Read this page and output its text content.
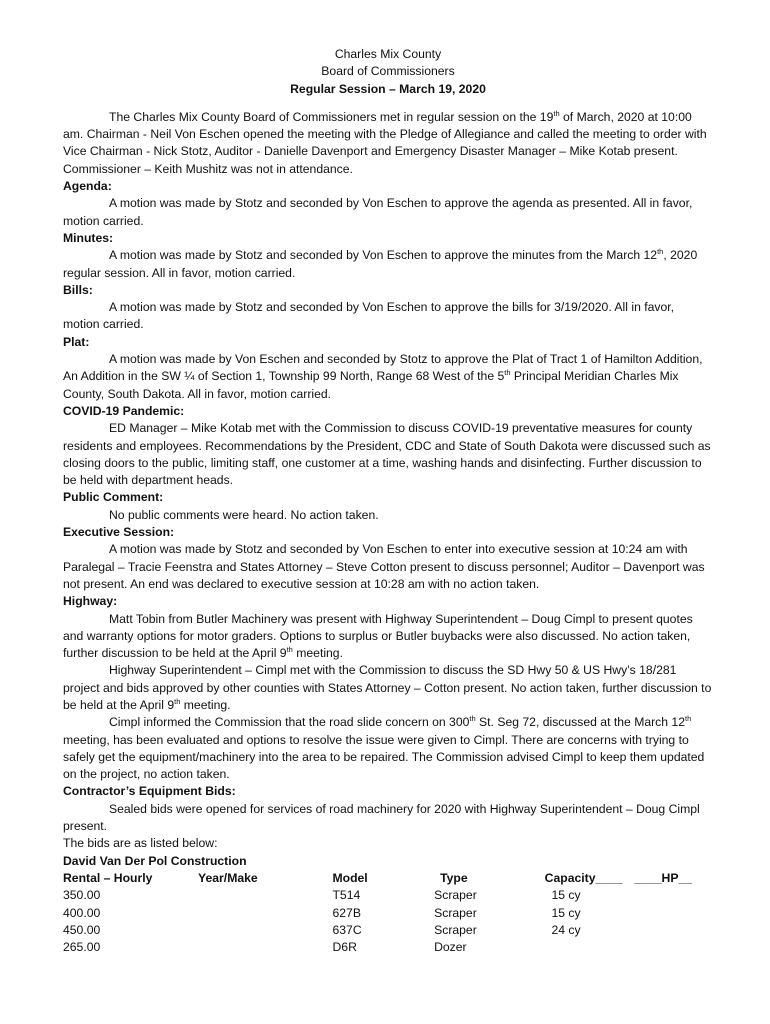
Charles Mix County

Board of Commissioners

Regular Session – March 19, 2020

The Charles Mix County Board of Commissioners met in regular session on the 19th of March, 2020 at 10:00 am. Chairman - Neil Von Eschen opened the meeting with the Pledge of Allegiance and called the meeting to order with Vice Chairman - Nick Stotz, Auditor - Danielle Davenport and Emergency Disaster Manager – Mike Kotab present. Commissioner – Keith Mushitz was not in attendance.

Agenda:

A motion was made by Stotz and seconded by Von Eschen to approve the agenda as presented. All in favor, motion carried.

Minutes:

A motion was made by Stotz and seconded by Von Eschen to approve the minutes from the March 12th, 2020 regular session. All in favor, motion carried.

Bills:

A motion was made by Stotz and seconded by Von Eschen to approve the bills for 3/19/2020. All in favor, motion carried.

Plat:

A motion was made by Von Eschen and seconded by Stotz to approve the Plat of Tract 1 of Hamilton Addition, An Addition in the SW ¼ of Section 1, Township 99 North, Range 68 West of the 5th Principal Meridian Charles Mix County, South Dakota. All in favor, motion carried.

COVID-19 Pandemic:

ED Manager – Mike Kotab met with the Commission to discuss COVID-19 preventative measures for county residents and employees. Recommendations by the President, CDC and State of South Dakota were discussed such as closing doors to the public, limiting staff, one customer at a time, washing hands and disinfecting. Further discussion to be held with department heads.

Public Comment:

No public comments were heard. No action taken.

Executive Session:

A motion was made by Stotz and seconded by Von Eschen to enter into executive session at 10:24 am with Paralegal – Tracie Feenstra and States Attorney – Steve Cotton present to discuss personnel; Auditor – Davenport was not present. An end was declared to executive session at 10:28 am with no action taken.

Highway:

Matt Tobin from Butler Machinery was present with Highway Superintendent – Doug Cimpl to present quotes and warranty options for motor graders. Options to surplus or Butler buybacks were also discussed. No action taken, further discussion to be held at the April 9th meeting.

Highway Superintendent – Cimpl met with the Commission to discuss the SD Hwy 50 & US Hwy’s 18/281 project and bids approved by other counties with States Attorney – Cotton present. No action taken, further discussion to be held at the April 9th meeting.

Cimpl informed the Commission that the road slide concern on 300th St. Seg 72, discussed at the March 12th meeting, has been evaluated and options to resolve the issue were given to Cimpl. There are concerns with trying to safely get the equipment/machinery into the area to be repaired. The Commission advised Cimpl to keep them updated on the project, no action taken.

Contractor’s Equipment Bids:

Sealed bids were opened for services of road machinery for 2020 with Highway Superintendent – Doug Cimpl present.

The bids are as listed below:

David Van Der Pol Construction

Rental – Hourly	Year/Make	Model	Type	Capacity____	____HP__
350.00		T514	Scraper	15 cy	
400.00		627B	Scraper	15 cy	
450.00		637C	Scraper	24 cy	
265.00		D6R	Dozer		
